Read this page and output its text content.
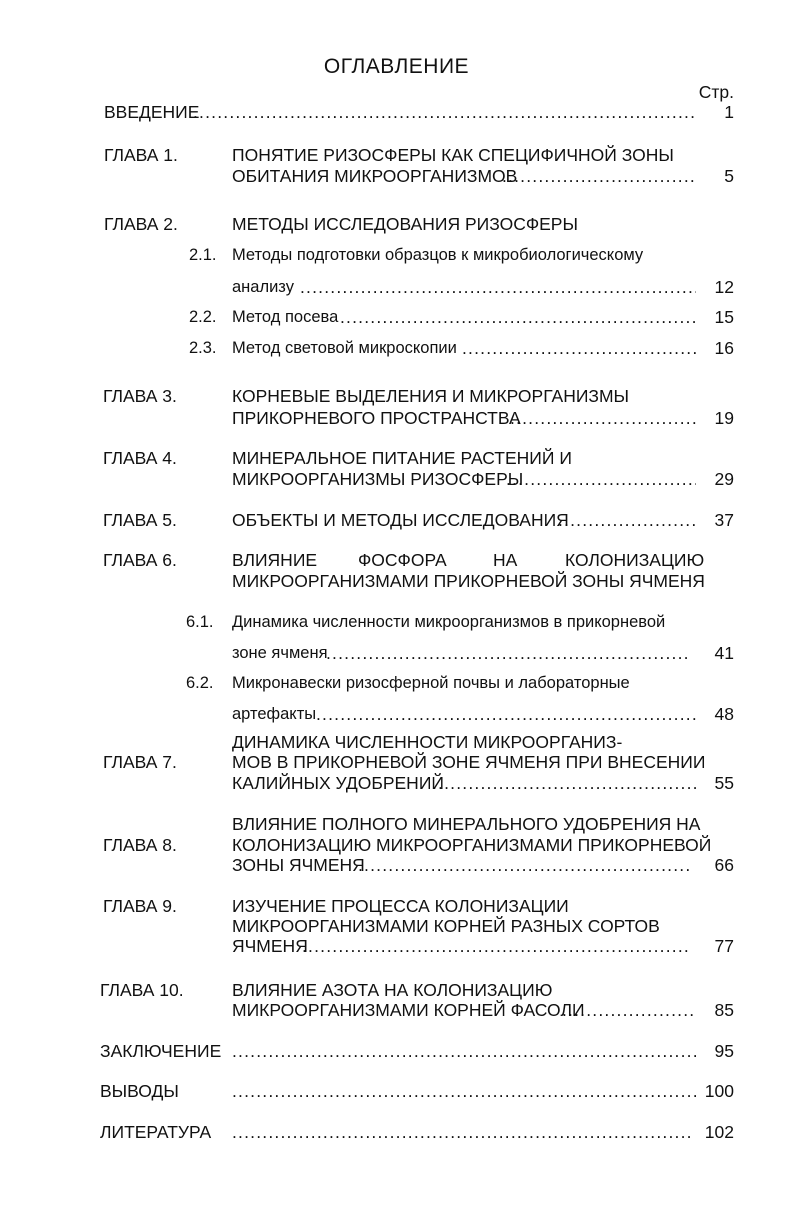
ОГЛАВЛЕНИЕ
Стр.
ВВЕДЕНИЕ .....	1
ГЛАВА 1.	ПОНЯТИЕ РИЗОСФЕРЫ КАК СПЕЦИФИЧНОЙ ЗОНЫ
ОБИТАНИЯ МИКРООРГАНИЗМОВ .....	5
ГЛАВА 2.	МЕТОДЫ ИССЛЕДОВАНИЯ РИЗОСФЕРЫ
2.1. Методы подготовки образцов к микробиологическому
анализу .....	12
2.2. Метод посева .....	15
2.3. Метод световой микроскопии .....	16
ГЛАВА 3.	КОРНЕВЫЕ ВЫДЕЛЕНИЯ И МИКРОРГАНИЗМЫ
ПРИКОРНЕВОГО ПРОСТРАНСТВА .....	19
ГЛАВА 4.	МИНЕРАЛЬНОЕ ПИТАНИЕ РАСТЕНИЙ И
МИКРООРГАНИЗМЫ РИЗОСФЕРЫ .....	29
ГЛАВА 5.	ОБЪЕКТЫ И МЕТОДЫ ИССЛЕДОВАНИЯ .....	37
ГЛАВА 6.	ВЛИЯНИЕ ФОСФОРА	НА	КОЛОНИЗАЦИЮ
МИКРООРГАНИЗМАМИ ПРИКОРНЕВОЙ ЗОНЫ ЯЧМЕНЯ
6.1. Динамика численности микроорганизмов в прикорневой
зоне ячменя .....	41
6.2. Микронавески ризосферной почвы и лабораторные
артефакты .....	48
ДИНАМИКА ЧИСЛЕННОСТИ МИКРООРГАНИЗ-
ГЛАВА 7.	МОВ В ПРИКОРНЕВОЙ ЗОНЕ ЯЧМЕНЯ ПРИ ВНЕСЕНИИ
КАЛИЙНЫХ УДОБРЕНИЙ .....	55
ВЛИЯНИЕ ПОЛНОГО МИНЕРАЛЬНОГО УДОБРЕНИЯ НА
ГЛАВА 8.	КОЛОНИЗАЦИЮ МИКРООРГАНИЗМАМИ ПРИКОРНЕВОЙ
ЗОНЫ ЯЧМЕНЯ .....	66
ГЛАВА 9.	ИЗУЧЕНИЕ ПРОЦЕССА КОЛОНИЗАЦИИ
МИКРООРГАНИЗМАМИ КОРНЕЙ РАЗНЫХ СОРТОВ
ЯЧМЕНЯ .....	77
ГЛАВА 10.	ВЛИЯНИЕ АЗОТА НА КОЛОНИЗАЦИЮ
МИКРООРГАНИЗМАМИ КОРНЕЙ ФАСОЛИ .....	85
ЗАКЛЮЧЕНИЕ .....	95
ВЫВОДЫ .....	100
ЛИТЕРАТУРА .....	102
